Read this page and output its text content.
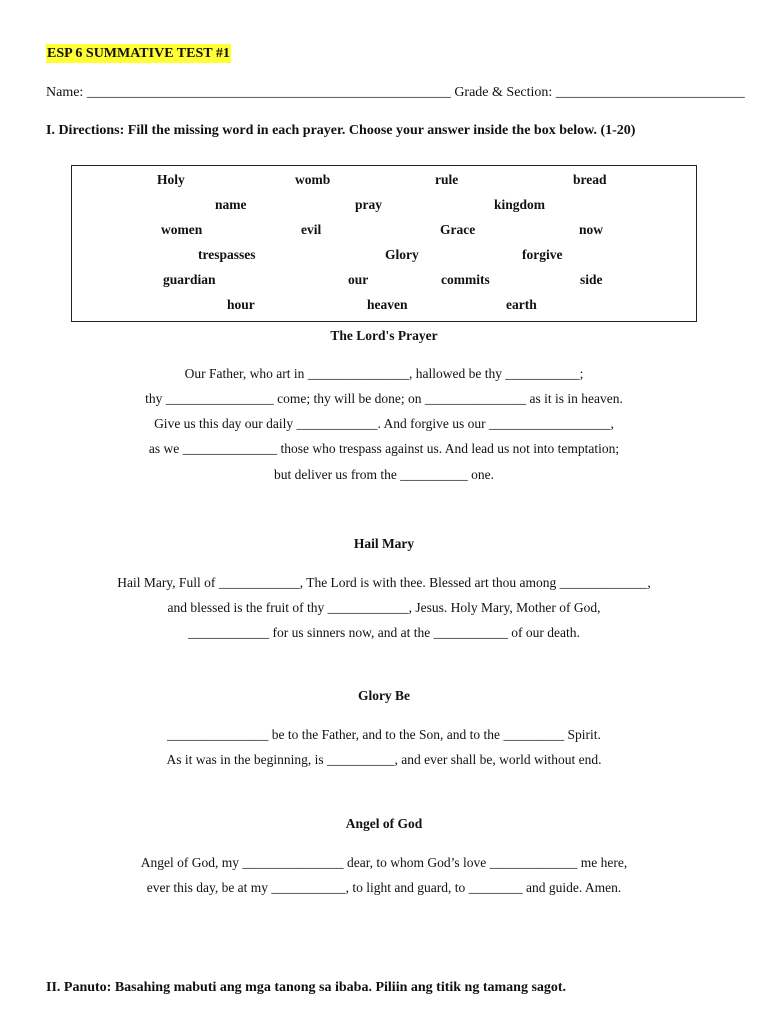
ESP 6 SUMMATIVE TEST #1
Name: ____________________________________________________ Grade & Section: ___________________________
I. Directions: Fill the missing word in each prayer. Choose your answer inside the box below. (1-20)
Holy	womb	rule	bread
name	pray	kingdom
women	evil	Grace	now
trespasses	Glory	forgive
guardian	our	commits	side
hour	heaven	earth
The Lord's Prayer
Our Father, who art in _______________, hallowed be thy ___________;
thy ________________ come; thy will be done; on _______________ as it is in heaven.
Give us this day our daily ____________. And forgive us our __________________,
as we ______________ those who trespass against us. And lead us not into temptation;
but deliver us from the __________ one.
Hail Mary
Hail Mary, Full of ____________, The Lord is with thee. Blessed art thou among _____________,
and blessed is the fruit of thy ____________, Jesus. Holy Mary, Mother of God,
____________ for us sinners now, and at the ___________ of our death.
Glory Be
_______________ be to the Father, and to the Son, and to the _________ Spirit.
As it was in the beginning, is __________, and ever shall be, world without end.
Angel of God
Angel of God, my _______________ dear, to whom God’s love _____________ me here,
ever this day, be at my ___________, to light and guard, to ________ and guide. Amen.
II. Panuto: Basahing mabuti ang mga tanong sa ibaba. Piliin ang titik ng tamang sagot.
